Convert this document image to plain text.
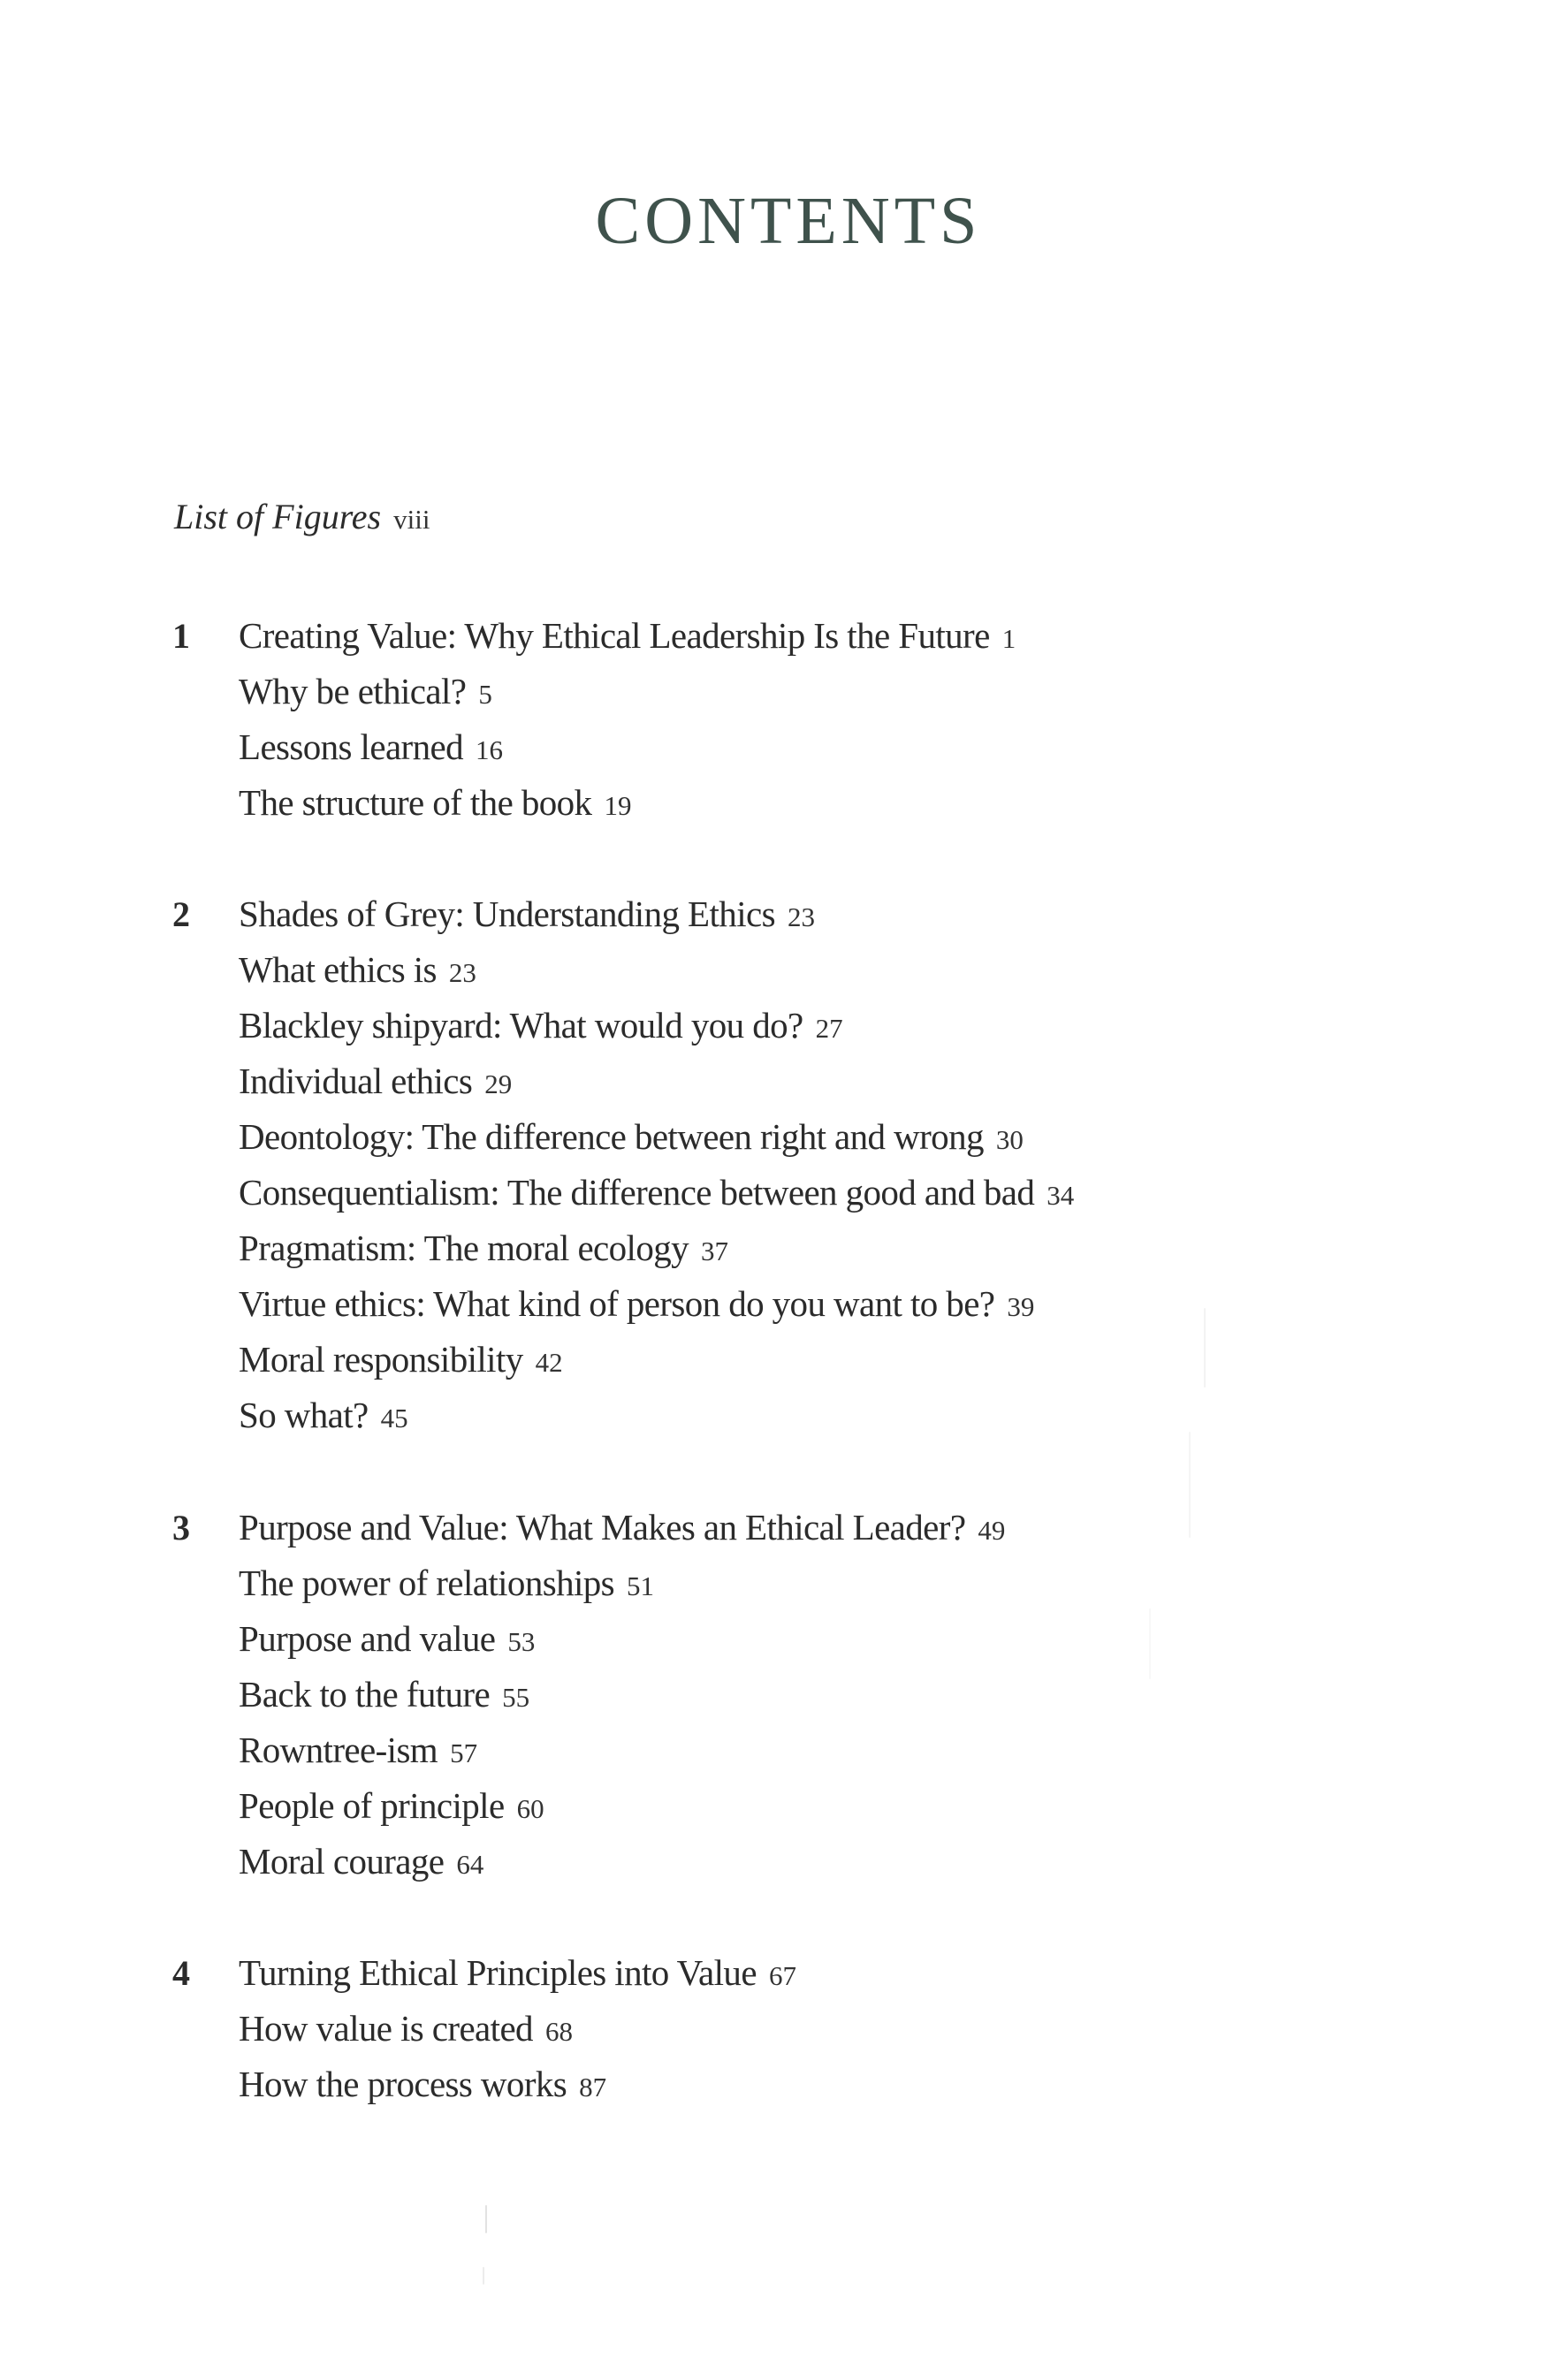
CONTENTS
List of Figures viii
1 Creating Value: Why Ethical Leadership Is the Future 1
Why be ethical? 5
Lessons learned 16
The structure of the book 19
2 Shades of Grey: Understanding Ethics 23
What ethics is 23
Blackley shipyard: What would you do? 27
Individual ethics 29
Deontology: The difference between right and wrong 30
Consequentialism: The difference between good and bad 34
Pragmatism: The moral ecology 37
Virtue ethics: What kind of person do you want to be? 39
Moral responsibility 42
So what? 45
3 Purpose and Value: What Makes an Ethical Leader? 49
The power of relationships 51
Purpose and value 53
Back to the future 55
Rowntree-ism 57
People of principle 60
Moral courage 64
4 Turning Ethical Principles into Value 67
How value is created 68
How the process works 87
